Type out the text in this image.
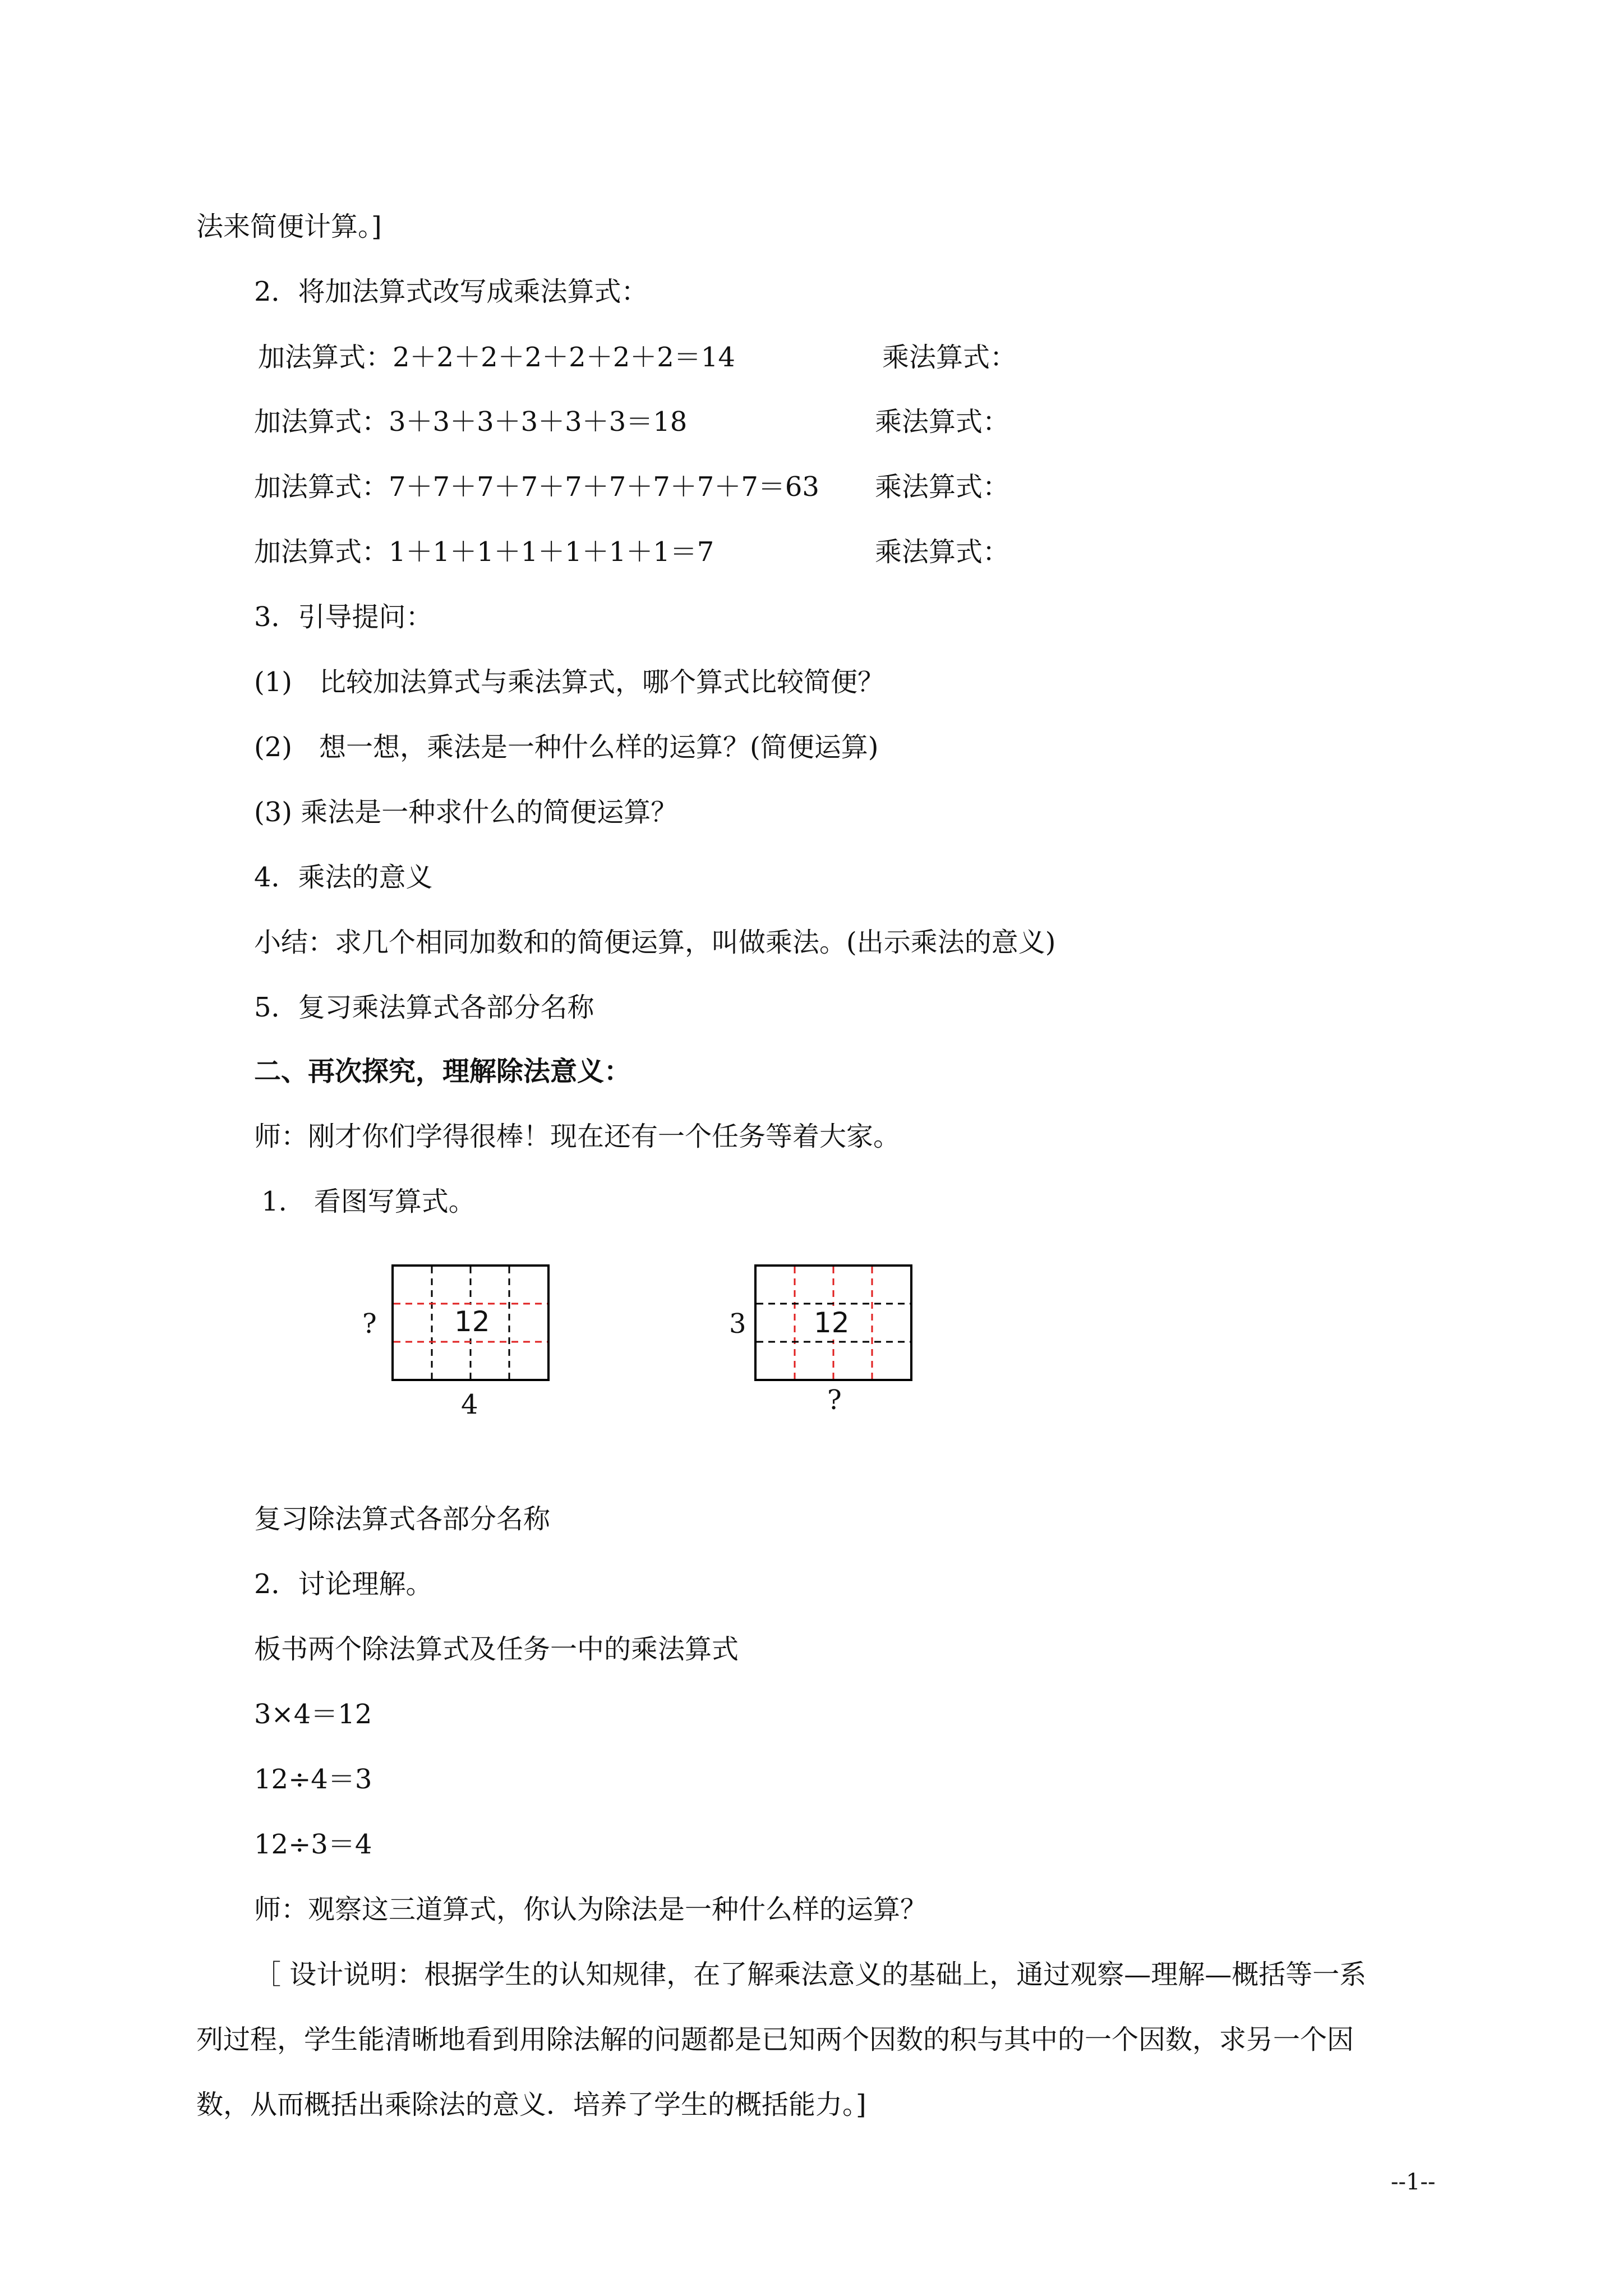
法来简便计算。]
2．将加法算式改写成乘法算式：
加法算式：2＋2＋2＋2＋2＋2＋2＝14	乘法算式：
加法算式：3＋3＋3＋3＋3＋3＝18	乘法算式：
加法算式：7＋7＋7＋7＋7＋7＋7＋7＋7＝63 乘法算式：
加法算式：1＋1＋1＋1＋1＋1＋1＝7	乘法算式：
3．引导提问：
(1)　比较加法算式与乘法算式，哪个算式比较简便？
(2)　想一想，乘法是一种什么样的运算？(简便运算)
(3) 乘法是一种求什么的简便运算？
4．乘法的意义
小结：求几个相同加数和的简便运算，叫做乘法。(出示乘法的意义)
5．复习乘法算式各部分名称
二、再次探究，理解除法意义：
师：刚才你们学得很棒！现在还有一个任务等着大家。
1.　看图写算式。
12
?
4
12
3
?
复习除法算式各部分名称
2．讨论理解。
板书两个除法算式及任务一中的乘法算式
3×4＝12
12÷4＝3
12÷3＝4
师：观察这三道算式，你认为除法是一种什么样的运算？
［ 设计说明：根据学生的认知规律，在了解乘法意义的基础上，通过观察—理解—概括等一系
列过程，学生能清晰地看到用除法解的问题都是已知两个因数的积与其中的一个因数，求另一个因
数，从而概括出乘除法的意义．培养了学生的概括能力。]
--1--
